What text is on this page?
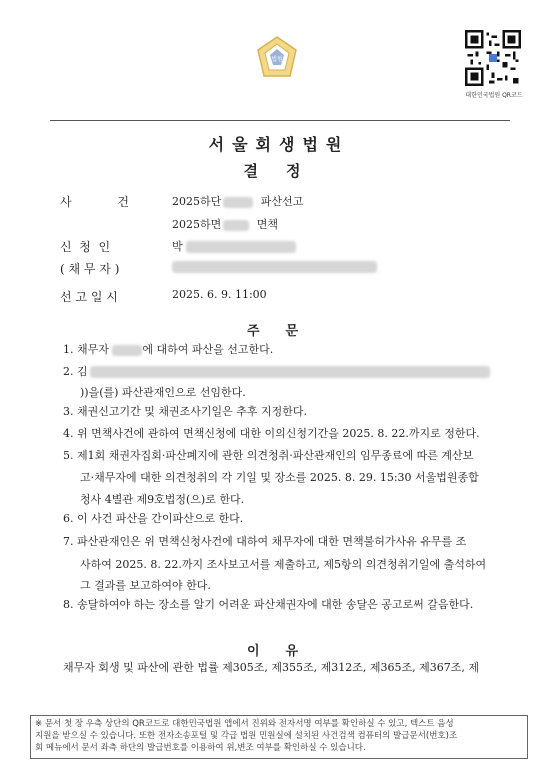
법원
대한민국법원 QR코드
서울회생법원
결정
사            건	2025하단	파산선고
2025하면	면책
신  청  인	박
( 채 무 자 )
선 고 일 시	2025. 6. 9. 11:00
주문
1. 채무자	에 대하여 파산을 선고한다.
2. 김
))을(를) 파산관재인으로 선임한다.
3. 채권신고기간 및 채권조사기일은 추후 지정한다.
4. 위 면책사건에 관하여 면책신청에 대한 이의신청기간을 2025. 8. 22.까지로 정한다.
5. 제1회 채권자집회·파산폐지에 관한 의견청취·파산관재인의 임무종료에 따른 계산보
고·채무자에 대한 의견청취의 각 기일 및 장소를 2025. 8. 29. 15:30 서울법원종합
청사 4별관 제9호법정(으)로 한다.
6. 이 사건 파산을 간이파산으로 한다.
7. 파산관재인은 위 면책신청사건에 대하여 채무자에 대한 면책불허가사유 유무를 조
사하여 2025. 8. 22.까지 조사보고서를 제출하고, 제5항의 의견청취기일에 출석하여
그 결과를 보고하여야 한다.
8. 송달하여야 하는 장소를 알기 어려운 파산채권자에 대한 송달은 공고로써 갈음한다.
이유
채무자 회생 및 파산에 관한 법률 제305조, 제355조, 제312조, 제365조, 제367조, 제
※ 문서 첫 장 우측 상단의 QR코드로 대한민국법원 앱에서 진위와 전자서명 여부를 확인하실 수 있고, 텍스트 음성
지원을 받으실 수 있습니다. 또한 전자소송포털 및 각급 법원 민원실에 설치된 사건검색 컴퓨터의 발급문서(번호)조
회 메뉴에서 문서 좌측 하단의 발급번호를 이용하여 위,변조 여부를 확인하실 수 있습니다.
